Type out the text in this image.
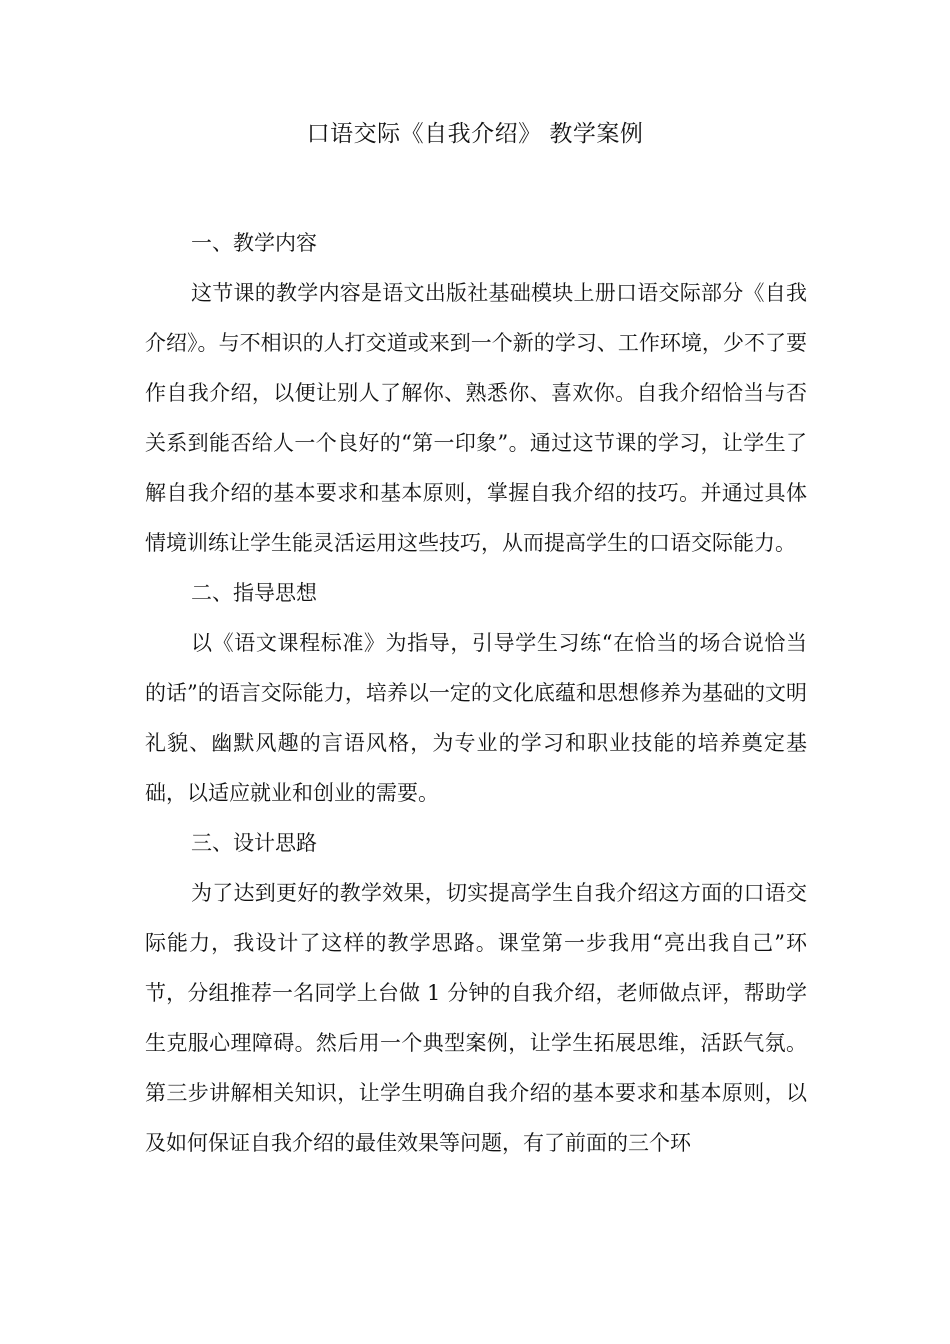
口语交际《自我介绍》 教学案例

一、教学内容

这节课的教学内容是语文出版社基础模块上册口语交际部分《自我介绍》。与不相识的人打交道或来到一个新的学习、工作环境，少不了要作自我介绍，以便让别人了解你、熟悉你、喜欢你。自我介绍恰当与否关系到能否给人一个良好的“第一印象”。通过这节课的学习，让学生了解自我介绍的基本要求和基本原则，掌握自我介绍的技巧。并通过具体情境训练让学生能灵活运用这些技巧，从而提高学生的口语交际能力。

二、指导思想

以《语文课程标准》为指导，引导学生习练“在恰当的场合说恰当的话”的语言交际能力，培养以一定的文化底蕴和思想修养为基础的文明礼貌、幽默风趣的言语风格，为专业的学习和职业技能的培养奠定基础，以适应就业和创业的需要。

三、设计思路

为了达到更好的教学效果，切实提高学生自我介绍这方面的口语交际能力，我设计了这样的教学思路。课堂第一步我用“亮出我自己”环节，分组推荐一名同学上台做 1 分钟的自我介绍，老师做点评，帮助学生克服心理障碍。然后用一个典型案例，让学生拓展思维，活跃气氛。第三步讲解相关知识，让学生明确自我介绍的基本要求和基本原则，以及如何保证自我介绍的最佳效果等问题，有了前面的三个环
